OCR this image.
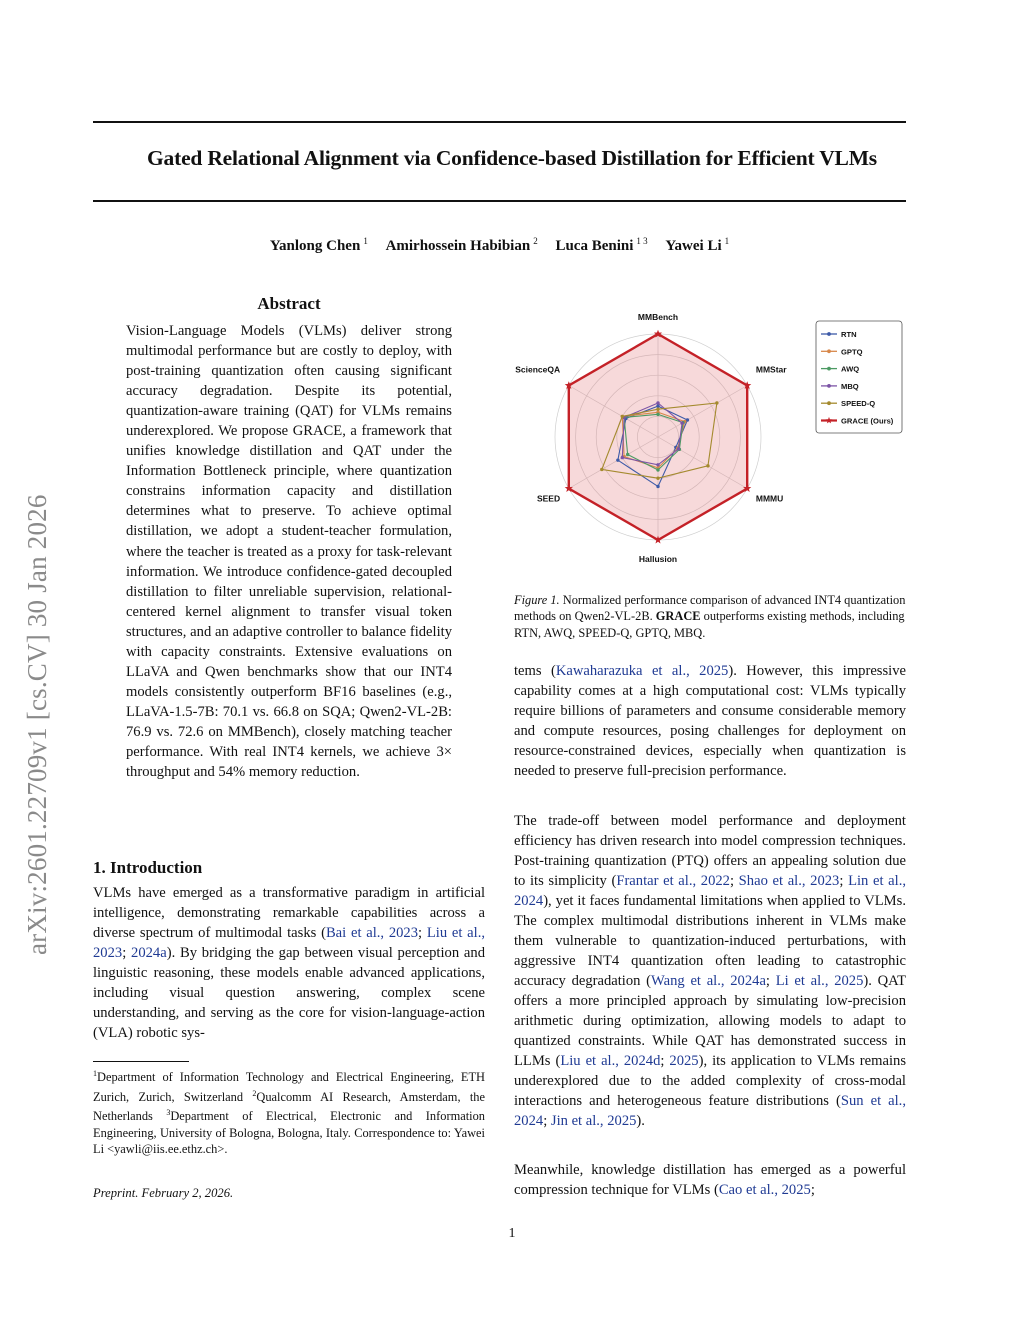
Gated Relational Alignment via Confidence-based Distillation for Efficient VLMs
Yanlong Chen $^1$ Amirhossein Habibian $^2$ Luca Benini $^{1 3}$ Yawei Li $^1$
arXiv:2601.22709v1 [cs.CV] 30 Jan 2026
Abstract
Vision-Language Models (VLMs) deliver strong multimodal performance but are costly to deploy, with post-training quantization often causing significant accuracy degradation. Despite its potential, quantization-aware training (QAT) for VLMs remains underexplored. We propose GRACE, a framework that unifies knowledge distillation and QAT under the Information Bottleneck principle, where quantization constrains information capacity and distillation determines what to preserve. To achieve optimal distillation, we adopt a student-teacher formulation, where the teacher is treated as a proxy for task-relevant information. We introduce confidence-gated decoupled distillation to filter unreliable supervision, relational-centered kernel alignment to transfer visual token structures, and an adaptive controller to balance fidelity with capacity constraints. Extensive evaluations on LLaVA and Qwen benchmarks show that our INT4 models consistently outperform BF16 baselines (e.g., LLaVA-1.5-7B: 70.1 vs. 66.8 on SQA; Qwen2-VL-2B: 76.9 vs. 72.6 on MMBench), closely matching teacher performance. With real INT4 kernels, we achieve 3× throughput and 54% memory reduction.
1. Introduction
VLMs have emerged as a transformative paradigm in artificial intelligence, demonstrating remarkable capabilities across a diverse spectrum of multimodal tasks (Bai et al., 2023; Liu et al., 2023; 2024a). By bridging the gap between visual perception and linguistic reasoning, these models enable advanced applications, including visual question answering, complex scene understanding, and serving as the core for vision-language-action (VLA) robotic sys-
$^1$Department of Information Technology and Electrical Engineering, ETH Zurich, Zurich, Switzerland $^2$Qualcomm AI Research, Amsterdam, the Netherlands $^3$Department of Electrical, Electronic and Information Engineering, University of Bologna, Bologna, Italy. Correspondence to: Yawei Li <yawli@iis.ee.ethz.ch>.
Preprint. February 2, 2026.
1
MMBench
MMStar
MMMU
Hallusion
SEED
ScienceQA
RTN
GPTQ
AWQ
MBQ
SPEED-Q
GRACE (Ours)
Figure 1. Normalized performance comparison of advanced INT4 quantization methods on Qwen2-VL-2B. GRACE outperforms existing methods, including RTN, AWQ, SPEED-Q, GPTQ, MBQ.
tems (Kawaharazuka et al., 2025). However, this impressive capability comes at a high computational cost: VLMs typically require billions of parameters and consume considerable memory and compute resources, posing challenges for deployment on resource-constrained devices, especially when quantization is needed to preserve full-precision performance.
The trade-off between model performance and deployment efficiency has driven research into model compression techniques. Post-training quantization (PTQ) offers an appealing solution due to its simplicity (Frantar et al., 2022; Shao et al., 2023; Lin et al., 2024), yet it faces fundamental limitations when applied to VLMs. The complex multimodal distributions inherent in VLMs make them vulnerable to quantization-induced perturbations, with aggressive INT4 quantization often leading to catastrophic accuracy degradation (Wang et al., 2024a; Li et al., 2025). QAT offers a more principled approach by simulating low-precision arithmetic during optimization, allowing models to adapt to quantized constraints. While QAT has demonstrated success in LLMs (Liu et al., 2024d; 2025), its application to VLMs remains underexplored due to the added complexity of cross-modal interactions and heterogeneous feature distributions (Sun et al., 2024; Jin et al., 2025).
Meanwhile, knowledge distillation has emerged as a powerful compression technique for VLMs (Cao et al., 2025;
